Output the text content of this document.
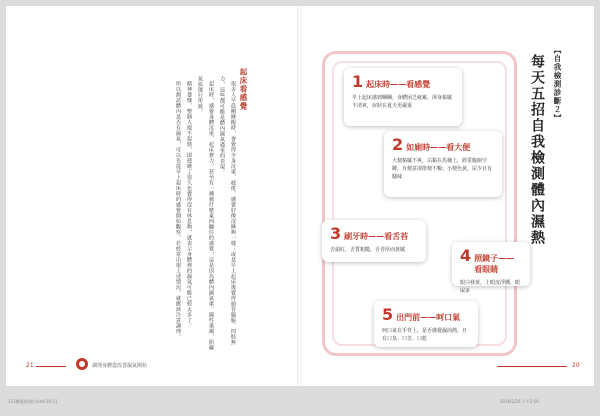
起床看感覺

很多人早晨剛睡醒時，會覺得全身沉重、疲倦，感覺好像沒睡夠一樣；或是早上起床後覺得頭昏腦脹、四肢無力，這些都可能是體內濕氣過重的表現。

起床時，感覺身體沉重，起床費力，甚至有一種被什麼東西纏住的感覺，這是因為體內濕氣重，濕性重濁，阻礙氣血運行所致。

精神萎靡，整個人提不起勁，即使睡了很久也覺得沒有休息夠，就表示身體裡的濕氣可能已經太多了。

所以測試體內是否有濕氣，可以先從早上起床時的感覺開始觀察，若經常出現上述情況，就應該注意調理。

21	調理身體從改善濕氣開始
【自我檢測診斷２】
每天五招自我檢測體內濕熱
1 起床時——看感覺
早上起床感到睏睏，身體困乏疲累，渾身黏膩不清爽，症狀在夏天更嚴重
2 如廁時——看大便
大便黏膩不爽，沾黏在馬桶上，經常臨廁空蹲，有便意卻排便不暢；小便色黃，尿少且有騷味
3 刷牙時——看舌苔
舌頭紅，舌質粗糙，舌苔厚而黃膩	4 照鏡子——看眼睛
眼白發黃，上眼皮浮腫，眼屎多
5 出門前——呵口氣
呵口氣在手背上，是否感覺濕而熱，且有口臭：口苦、口乾
20
123體濕熱(照).indd 20-21	2018/2/26 下午3:56
